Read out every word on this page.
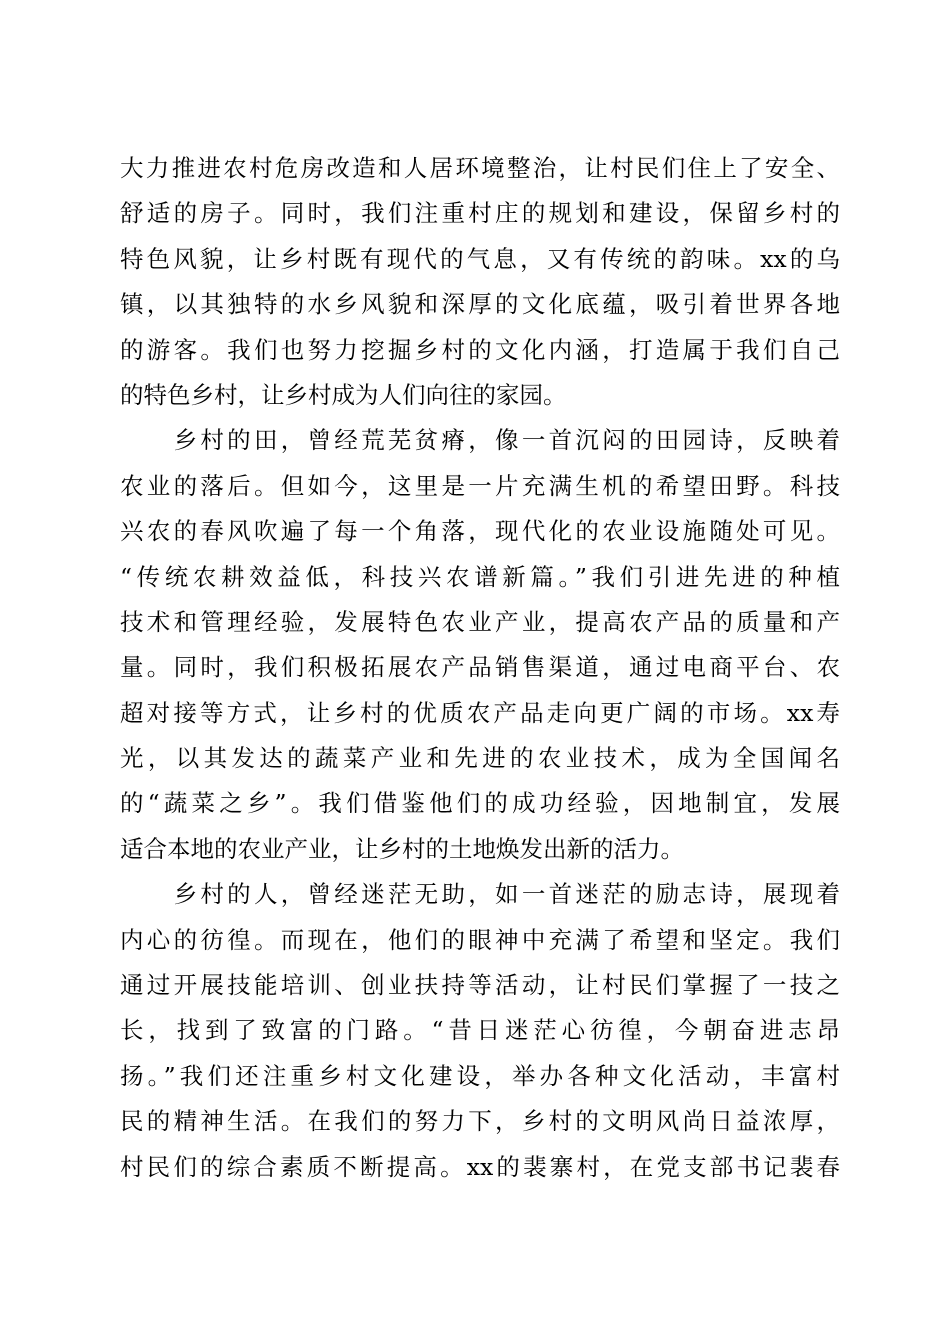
大力推进农村危房改造和人居环境整治，让村民们住上了安全、
舒适的房子。同时，我们注重村庄的规划和建设，保留乡村的
特色风貌，让乡村既有现代的气息，又有传统的韵味。xx的乌
镇，以其独特的水乡风貌和深厚的文化底蕴，吸引着世界各地
的游客。我们也努力挖掘乡村的文化内涵，打造属于我们自己
的特色乡村，让乡村成为人们向往的家园。
　　乡村的田，曾经荒芜贫瘠，像一首沉闷的田园诗，反映着
农业的落后。但如今，这里是一片充满生机的希望田野。科技
兴农的春风吹遍了每一个角落，现代化的农业设施随处可见。
“传统农耕效益低，科技兴农谱新篇。”我们引进先进的种植
技术和管理经验，发展特色农业产业，提高农产品的质量和产
量。同时，我们积极拓展农产品销售渠道，通过电商平台、农
超对接等方式，让乡村的优质农产品走向更广阔的市场。xx寿
光，以其发达的蔬菜产业和先进的农业技术，成为全国闻名
的“蔬菜之乡”。我们借鉴他们的成功经验，因地制宜，发展
适合本地的农业产业，让乡村的土地焕发出新的活力。
　　乡村的人，曾经迷茫无助，如一首迷茫的励志诗，展现着
内心的彷徨。而现在，他们的眼神中充满了希望和坚定。我们
通过开展技能培训、创业扶持等活动，让村民们掌握了一技之
长，找到了致富的门路。“昔日迷茫心彷徨，今朝奋进志昂
扬。”我们还注重乡村文化建设，举办各种文化活动，丰富村
民的精神生活。在我们的努力下，乡村的文明风尚日益浓厚，
村民们的综合素质不断提高。xx的裴寨村，在党支部书记裴春
